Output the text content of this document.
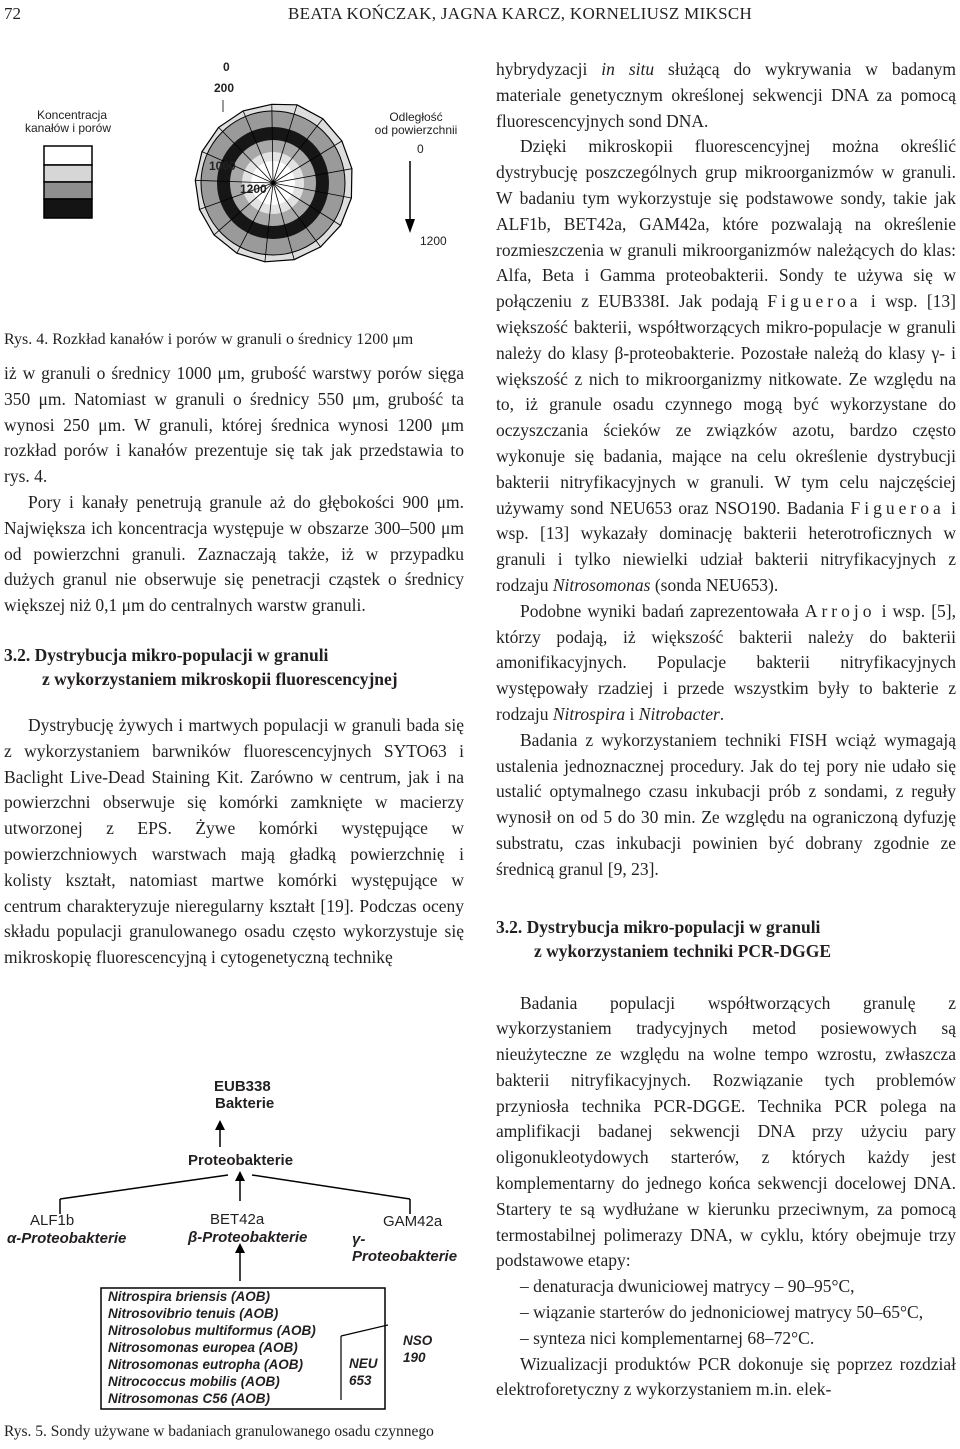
72	BEATA KOŃCZAK, JAGNA KARCZ, KORNELIUSZ MIKSCH
Koncentracja
kanałów i porów
0
200
1000
1200
Odległość
od powierzchnii
0
1200
Rys. 4. Rozkład kanałów i porów w granuli o średnicy 1200 μm

iż w granuli o średnicy 1000 μm, grubość warstwy porów sięga 350 μm. Natomiast w granuli o średnicy 550 μm, grubość ta wynosi 250 μm. W granuli, której średnica wynosi 1200 μm rozkład porów i kanałów prezentuje się tak jak przedstawia to rys. 4.

Pory i kanały penetrują granule aż do głębokości 900 μm. Największa ich koncentracja występuje w obszarze 300–500 μm od powierzchni granuli. Zaznaczają także, iż w przypadku dużych granul nie obserwuje się penetracji cząstek o średnicy większej niż 0,1 μm do centralnych warstw granuli.

3.2. Dystrybucja mikro-populacji w granuli

z wykorzystaniem mikroskopii fluorescencyjnej

Dystrybucję żywych i martwych populacji w granuli bada się z wykorzystaniem barwników fluorescencyjnych SYTO63 i Baclight Live-Dead Staining Kit. Zarówno w centrum, jak i na powierzchni obserwuje się komórki zamknięte w macierzy utworzonej z EPS. Żywe komórki występujące w powierzchniowych warstwach mają gładką powierzchnię i kolisty kształt, natomiast martwe komórki występujące w centrum charakteryzuje nieregularny kształt [19]. Podczas oceny składu populacji granulowanego osadu często wykorzystuje się mikroskopię fluorescencyjną i cytogenetyczną technikę

EUB338
Bakterie
Proteobakterie
ALF1b
α-Proteobakterie
BET42a
β-Proteobakterie
GAM42a
γ-Proteobakterie
Nitrospira briensis (AOB)
Nitrosovibrio tenuis (AOB)
Nitrosolobus multiformus (AOB)
Nitrosomonas europea (AOB)
Nitrosomonas eutropha (AOB)
Nitrococcus mobilis (AOB)
Nitrosomonas C56 (AOB)
NEU
653
NSO
190
Rys. 5. Sondy używane w badaniach granulowanego osadu czynnego

hybrydyzacji in situ służącą do wykrywania w badanym materiale genetycznym określonej sekwencji DNA za pomocą fluorescencyjnych sond DNA.

Dzięki mikroskopii fluorescencyjnej można określić dystrybucję poszczególnych grup mikroorganizmów w granuli. W badaniu tym wykorzystuje się podstawowe sondy, takie jak ALF1b, BET42a, GAM42a, które pozwalają na określenie rozmieszczenia w granuli mikroorganizmów należących do klas: Alfa, Beta i Gamma proteobakterii. Sondy te używa się w połączeniu z EUB338I. Jak podają Figueroa i wsp. [13] większość bakterii, współtworzących mikro-populacje w granuli należy do klasy β-proteobakterie. Pozostałe należą do klasy γ- i większość z nich to mikroorganizmy nitkowate. Ze względu na to, iż granule osadu czynnego mogą być wykorzystane do oczyszczania ścieków ze związków azotu, bardzo często wykonuje się badania, mające na celu określenie dystrybucji bakterii nitryfikacyjnych w granuli. W tym celu najczęściej używamy sond NEU653 oraz NSO190. Badania Figueroa i wsp. [13] wykazały dominację bakterii heterotroficznych w granuli i tylko niewielki udział bakterii nitryfikacyjnych z rodzaju Nitrosomonas (sonda NEU653).

Podobne wyniki badań zaprezentowała Arrojo i wsp. [5], którzy podają, iż większość bakterii należy do bakterii amonifikacyjnych. Populacje bakterii nitryfikacyjnych występowały rzadziej i przede wszystkim były to bakterie z rodzaju Nitrospira i Nitrobacter.

Badania z wykorzystaniem techniki FISH wciąż wymagają ustalenia jednoznacznej procedury. Jak do tej pory nie udało się ustalić optymalnego czasu inkubacji prób z sondami, z reguły wynosił on od 5 do 30 min. Ze względu na ograniczoną dyfuzję substratu, czas inkubacji powinien być dobrany zgodnie ze średnicą granul [9, 23].

3.2. Dystrybucja mikro-populacji w granuli

z wykorzystaniem techniki PCR-DGGE

Badania populacji współtworzących granulę z wykorzystaniem tradycyjnych metod posiewowych są nieużyteczne ze względu na wolne tempo wzrostu, zwłaszcza bakterii nitryfikacyjnych. Rozwiązanie tych problemów przyniosła technika PCR-DGGE. Technika PCR polega na amplifikacji badanej sekwencji DNA przy użyciu pary oligonukleotydowych starterów, z których każdy jest komplementarny do jednego końca sekwencji docelowej DNA. Startery te są wydłużane w kierunku przeciwnym, za pomocą termostabilnej polimerazy DNA, w cyklu, który obejmuje trzy podstawowe etapy:

– denaturacja dwuniciowej matrycy – 90–95°C,
– wiązanie starterów do jednoniciowej matrycy 50–65°C,
– synteza nici komplementarnej 68–72°C.

Wizualizacji produktów PCR dokonuje się poprzez rozdział elektroforetyczny z wykorzystaniem m.in. elek-
